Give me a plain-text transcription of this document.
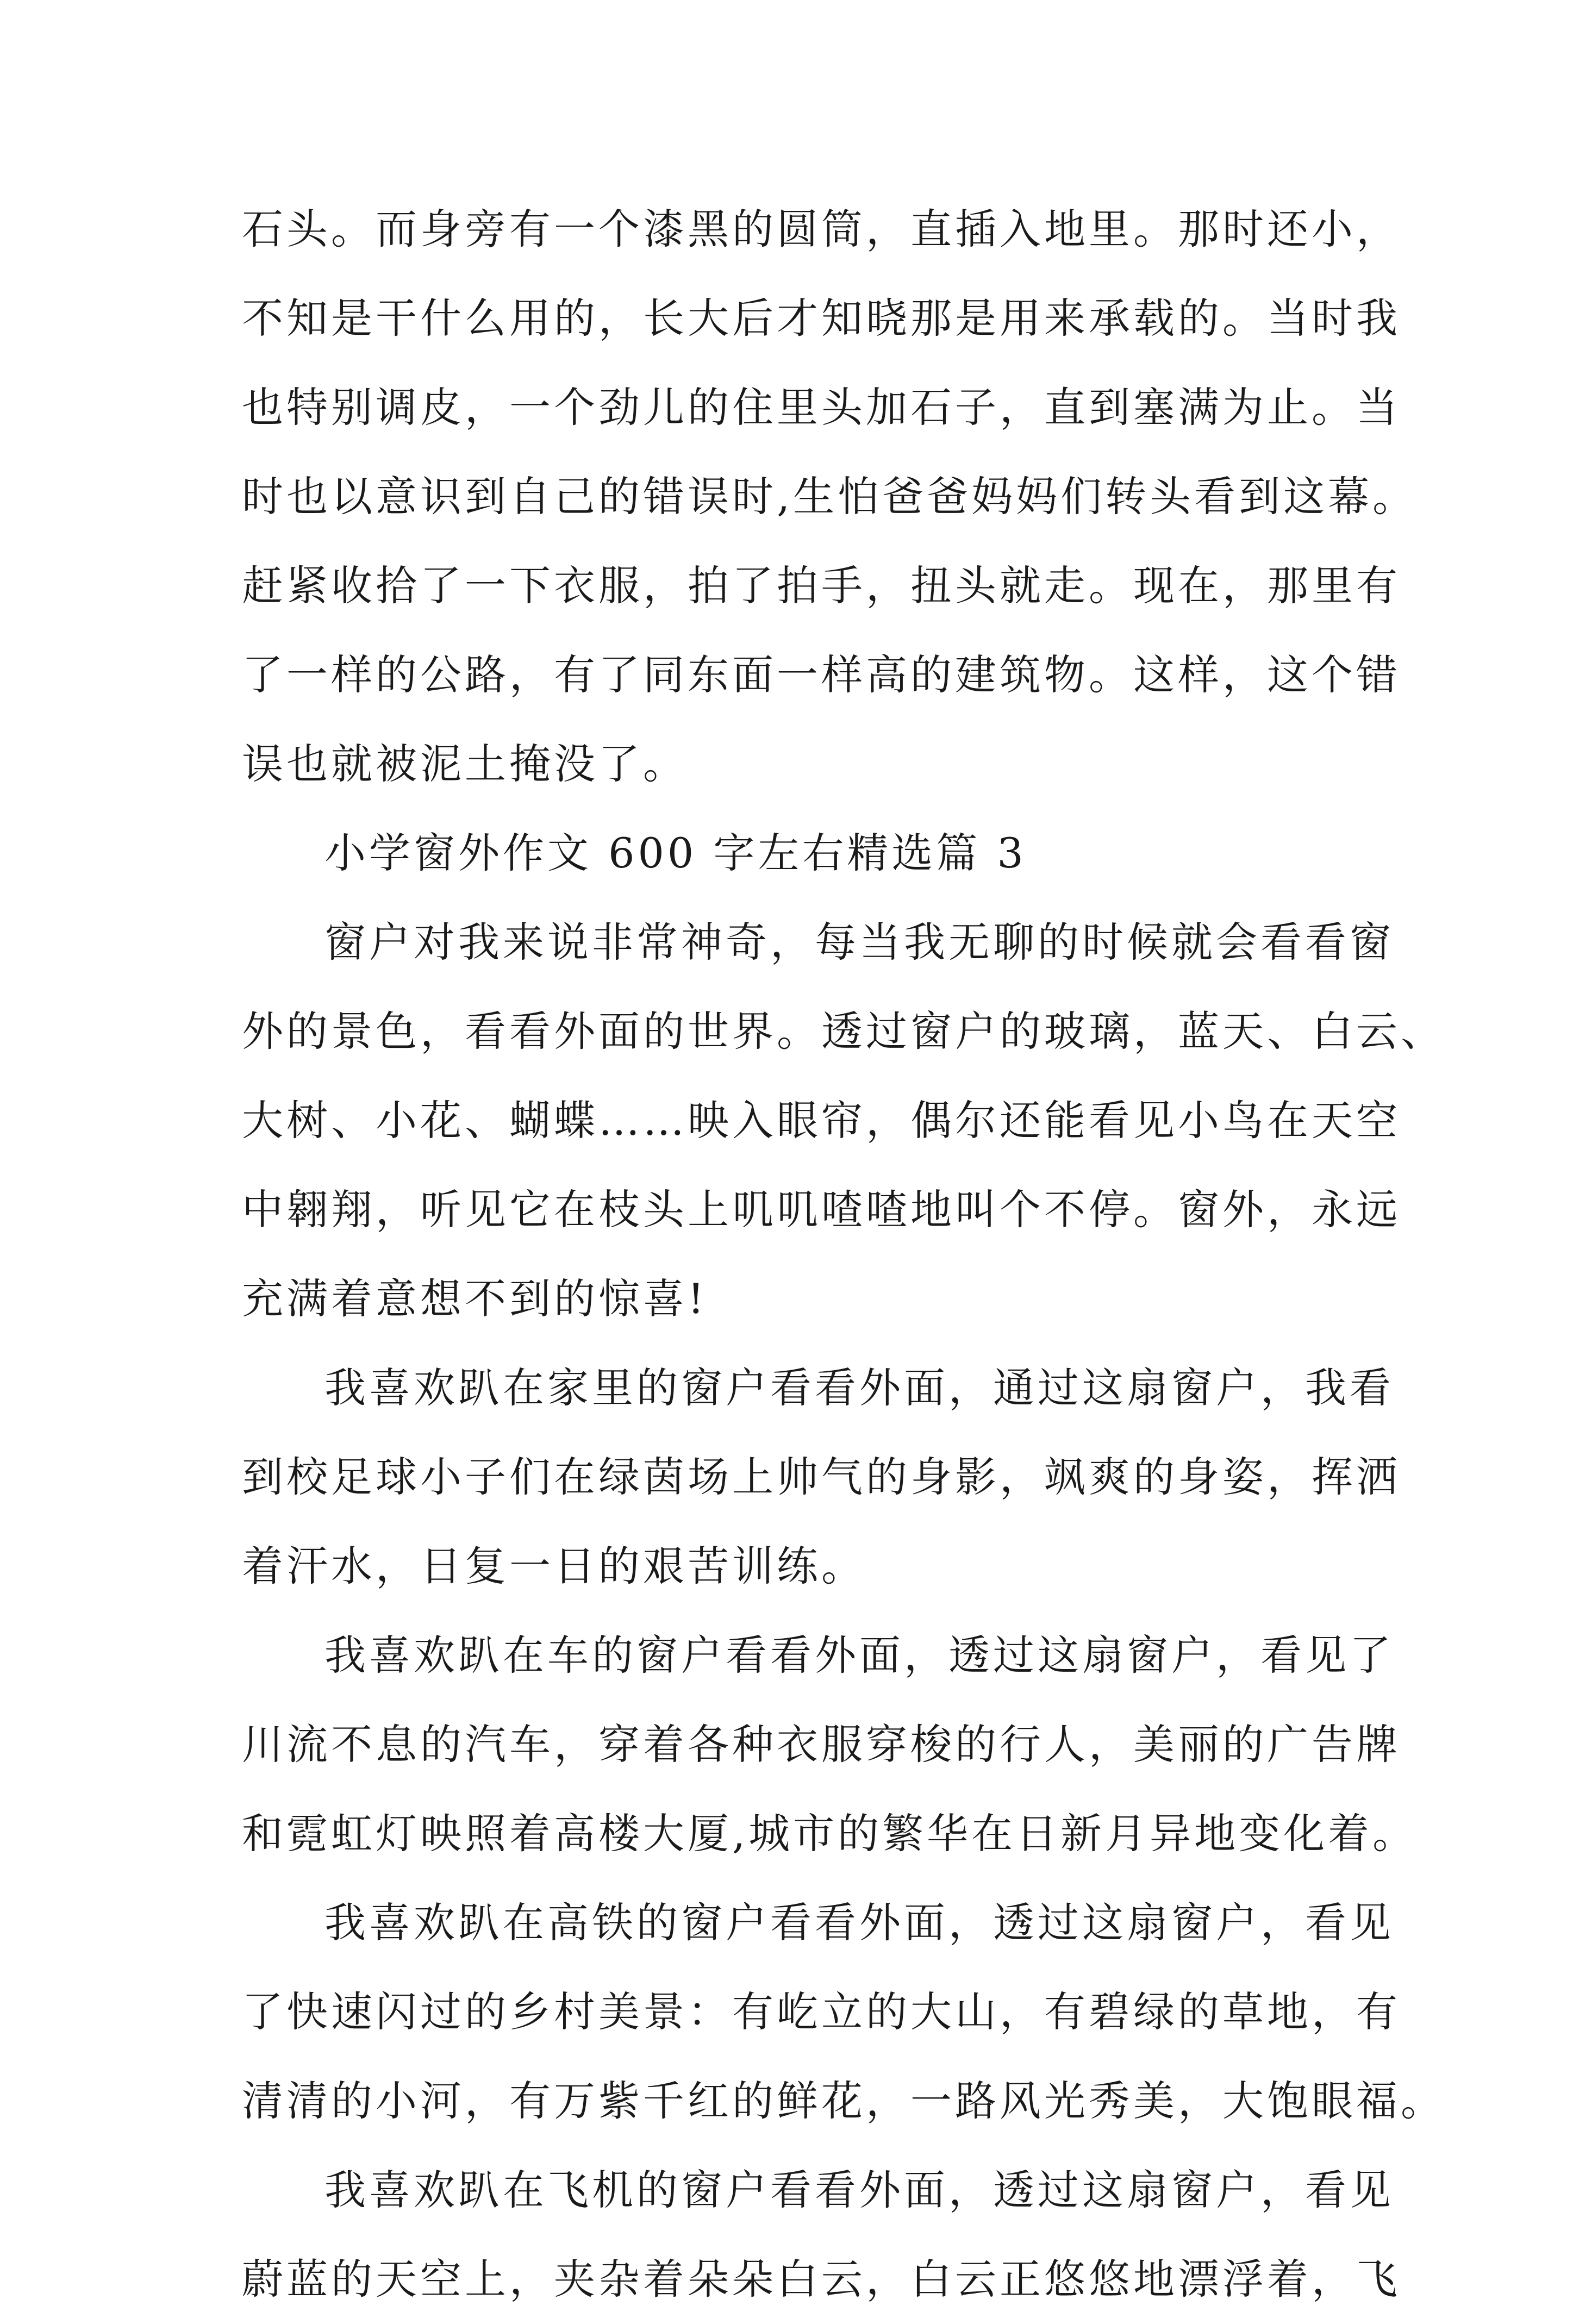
石头。而身旁有一个漆黑的圆筒，直插入地里。那时还小，
不知是干什么用的，长大后才知晓那是用来承载的。当时我
也特别调皮，一个劲儿的住里头加石子，直到塞满为止。当
时也以意识到自己的错误时,生怕爸爸妈妈们转头看到这幕。
赶紧收拾了一下衣服，拍了拍手，扭头就走。现在，那里有
了一样的公路，有了同东面一样高的建筑物。这样，这个错
误也就被泥土掩没了。
小学窗外作文 600 字左右精选篇 3
窗户对我来说非常神奇，每当我无聊的时候就会看看窗
外的景色，看看外面的世界。透过窗户的玻璃，蓝天、白云、
大树、小花、蝴蝶……映入眼帘，偶尔还能看见小鸟在天空
中翱翔，听见它在枝头上叽叽喳喳地叫个不停。窗外，永远
充满着意想不到的惊喜!
我喜欢趴在家里的窗户看看外面，通过这扇窗户，我看
到校足球小子们在绿茵场上帅气的身影，飒爽的身姿，挥洒
着汗水，日复一日的艰苦训练。
我喜欢趴在车的窗户看看外面，透过这扇窗户，看见了
川流不息的汽车，穿着各种衣服穿梭的行人，美丽的广告牌
和霓虹灯映照着高楼大厦,城市的繁华在日新月异地变化着。
我喜欢趴在高铁的窗户看看外面，透过这扇窗户，看见
了快速闪过的乡村美景：有屹立的大山，有碧绿的草地，有
清清的小河，有万紫千红的鲜花，一路风光秀美，大饱眼福。
我喜欢趴在飞机的窗户看看外面，透过这扇窗户，看见
蔚蓝的天空上，夹杂着朵朵白云，白云正悠悠地漂浮着，飞
